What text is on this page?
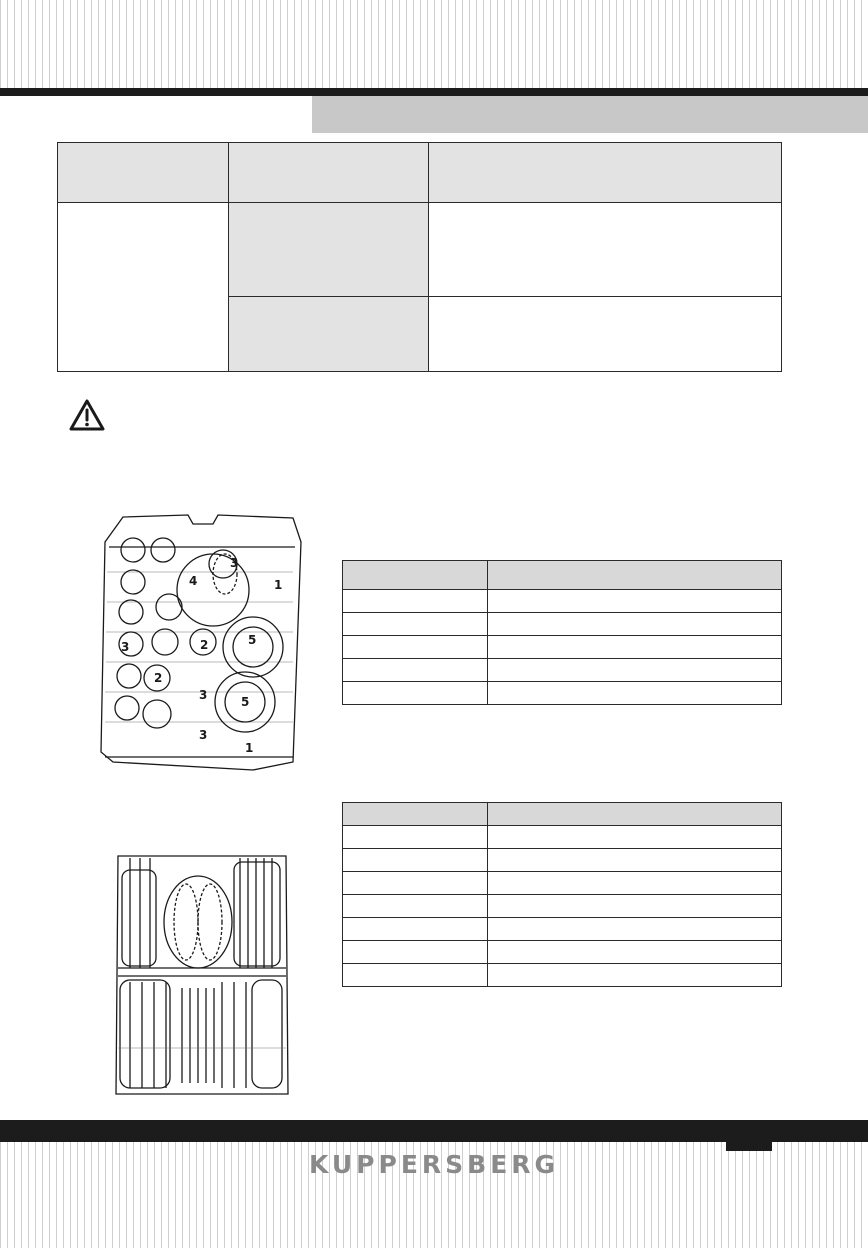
3
4	1
3	2	5
2
3	5
3
1

KUPPERSBERG
